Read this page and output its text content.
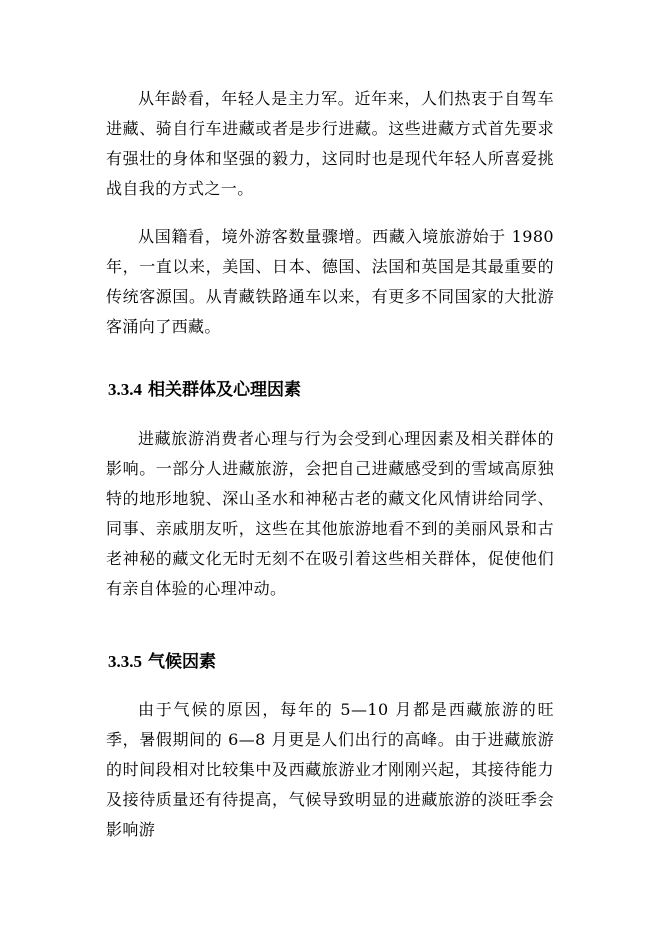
从年龄看，年轻人是主力军。近年来，人们热衷于自驾车进藏、骑自行车进藏或者是步行进藏。这些进藏方式首先要求有强壮的身体和坚强的毅力，这同时也是现代年轻人所喜爱挑战自我的方式之一。

从国籍看，境外游客数量骤增。西藏入境旅游始于 1980 年，一直以来，美国、日本、德国、法国和英国是其最重要的传统客源国。从青藏铁路通车以来，有更多不同国家的大批游客涌向了西藏。

3.3.4 相关群体及心理因素

进藏旅游消费者心理与行为会受到心理因素及相关群体的影响。一部分人进藏旅游，会把自己进藏感受到的雪域高原独特的地形地貌、深山圣水和神秘古老的藏文化风情讲给同学、同事、亲戚朋友听，这些在其他旅游地看不到的美丽风景和古老神秘的藏文化无时无刻不在吸引着这些相关群体，促使他们有亲自体验的心理冲动。

3.3.5 气候因素

由于气候的原因，每年的 5—10 月都是西藏旅游的旺季，暑假期间的 6—8 月更是人们出行的高峰。由于进藏旅游的时间段相对比较集中及西藏旅游业才刚刚兴起，其接待能力及接待质量还有待提高，气候导致明显的进藏旅游的淡旺季会影响游
